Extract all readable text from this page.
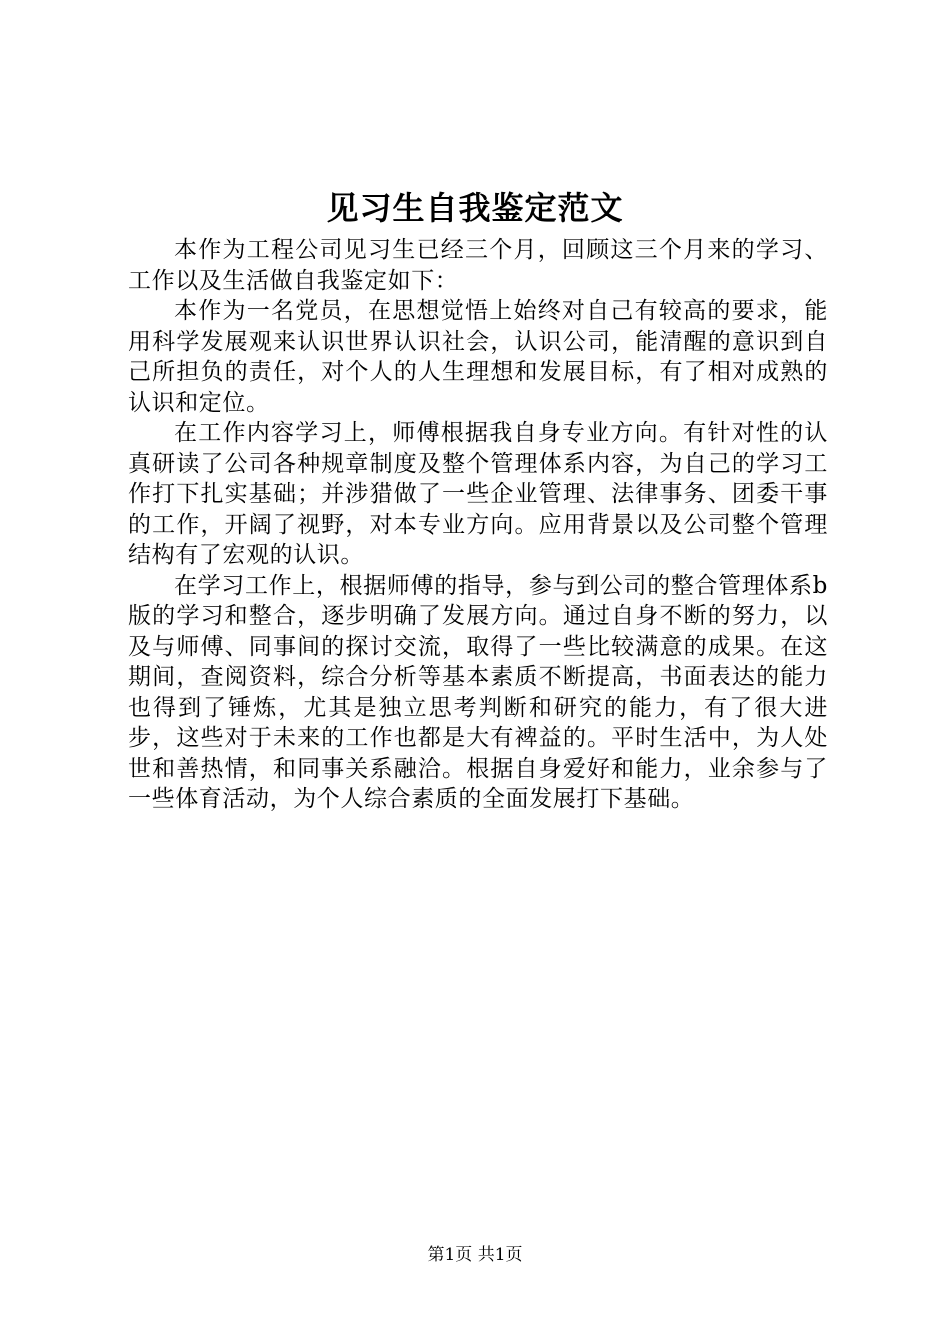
见习生自我鉴定范文

本作为工程公司见习生已经三个月，回顾这三个月来的学习、工作以及生活做自我鉴定如下：

本作为一名党员，在思想觉悟上始终对自己有较高的要求，能用科学发展观来认识世界认识社会，认识公司，能清醒的意识到自己所担负的责任，对个人的人生理想和发展目标，有了相对成熟的认识和定位。

在工作内容学习上，师傅根据我自身专业方向。有针对性的认真研读了公司各种规章制度及整个管理体系内容，为自己的学习工作打下扎实基础；并涉猎做了一些企业管理、法律事务、团委干事的工作，开阔了视野，对本专业方向。应用背景以及公司整个管理结构有了宏观的认识。

在学习工作上，根据师傅的指导，参与到公司的整合管理体系b版的学习和整合，逐步明确了发展方向。通过自身不断的努力，以及与师傅、同事间的探讨交流，取得了一些比较满意的成果。在这期间，查阅资料，综合分析等基本素质不断提高，书面表达的能力也得到了锤炼，尤其是独立思考判断和研究的能力，有了很大进步，这些对于未来的工作也都是大有裨益的。平时生活中，为人处世和善热情，和同事关系融洽。根据自身爱好和能力，业余参与了一些体育活动，为个人综合素质的全面发展打下基础。

第1页 共1页
